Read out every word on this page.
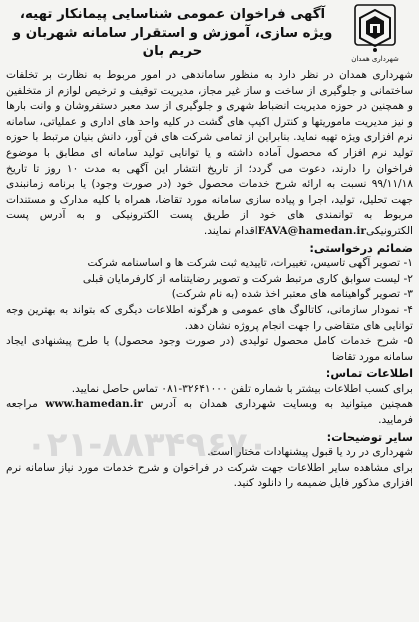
۰۲۱-۸۸۳۴۹۶۷۰
شهرداری همدان
آگهی فراخوان عمومی شناسایی پیمانکار تهیه، ویژه سازی، آموزش و استقرار سامانه شهربان و حریم بان

شهرداری همدان در نظر دارد به منظور ساماندهی در امور مربوط به نظارت بر تخلفات ساختمانی و جلوگیری از ساخت و ساز غیر مجاز، مدیریت توقیف و ترخیص لوازم از متخلفین و همچنین در حوزه مدیریت انضباط شهری و جلوگیری از سد معبر دستفروشان و وانت بارها و نیز مدیریت ماموریتها و کنترل اکیپ های گشت در کلیه واحد های اداری و عملیاتی، سامانه نرم افزاری ویژه تهیه نماید. بنابراین از تمامی شرکت های فن آور، دانش بنیان مرتبط با حوزه تولید نرم افزار که محصول آماده داشته و یا توانایی تولید سامانه ای مطابق با موضوع فراخوان را دارند، دعوت می گردد؛ از تاریخ انتشار این آگهی به مدت ۱۰ روز تا تاریخ ۹۹/۱۱/۱۸ نسبت به ارائه شرح خدمات محصول خود (در صورت وجود) یا برنامه زمانبندی جهت تحلیل، تولید، اجرا و پیاده سازی سامانه مورد تقاضا، همراه با کلیه مدارک و مستندات مربوط به توانمندی های خود از طریق پست الکترونیکی و به آدرس پست الکترونیکیFAVA@hamedan.irاقدام نمایند.

ضمائم درخواستی:

۱- تصویر آگهی تاسیس، تغییرات، تاییدیه ثبت شرکت ها و اساسنامه شرکت

۲- لیست سوابق کاری مرتبط شرکت و تصویر رضایتنامه از کارفرمایان قبلی

۳- تصویر گواهینامه های معتبر اخذ شده (به نام شرکت)

۴- نمودار سازمانی، کاتالوگ های عمومی و هرگونه اطلاعات دیگری که بتواند به بهترین وجه توانایی های متقاضی را جهت انجام پروژه نشان دهد.

۵- شرح خدمات کامل محصول تولیدی (در صورت وجود محصول) یا طرح پیشنهادی ایجاد سامانه مورد تقاضا

اطلاعات تماس:

برای کسب اطلاعات بیشتر با شماره تلفن ۳۲۶۴۱۰۰۰-۰۸۱ تماس حاصل نمایید.

همچنین میتوانید به وبسایت شهرداری همدان به آدرس www.hamedan.ir مراجعه فرمایید.

سایر توضیحات:

شهرداری در رد یا قبول پیشنهادات مختار است.

برای مشاهده سایر اطلاعات جهت شرکت در فراخوان و شرح خدمات مورد نیاز سامانه نرم افزاری مذکور فایل ضمیمه را دانلود کنید.
